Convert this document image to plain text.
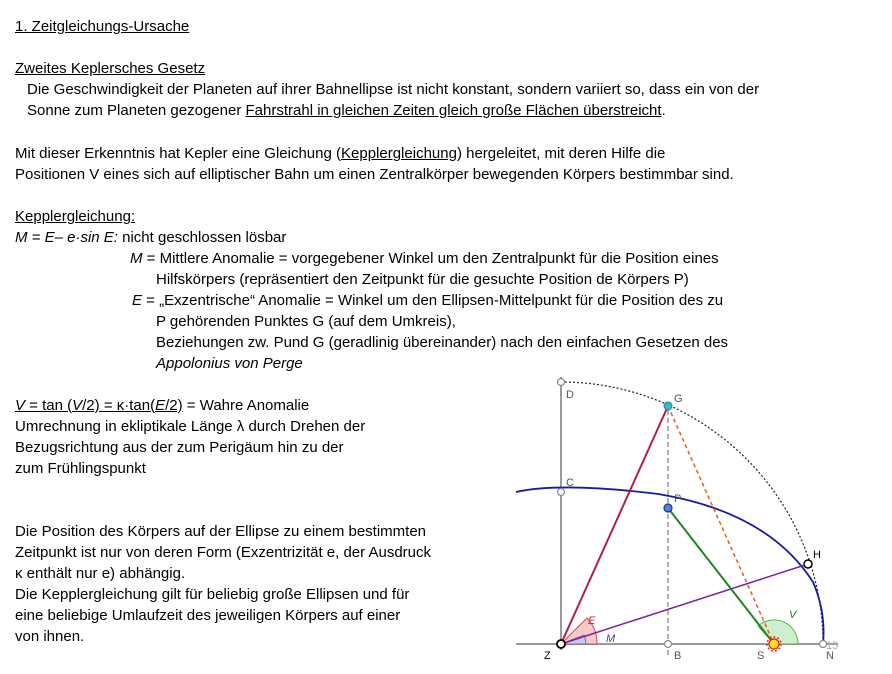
1. Zeitgleichungs-Ursache
Zweites Keplersches Gesetz
Die Geschwindigkeit der Planeten auf ihrer Bahnellipse ist nicht konstant, sondern variiert so, dass ein von der
Sonne zum Planeten gezogener Fahrstrahl in gleichen Zeiten gleich große Flächen überstreicht.
Mit dieser Erkenntnis hat Kepler eine Gleichung (Kepplergleichung) hergeleitet, mit deren Hilfe die
Positionen V eines sich auf elliptischer Bahn um einen Zentralkörper bewegenden Körpers bestimmbar sind.
Kepplergleichung:
M = E– e·sin E: nicht geschlossen lösbar
M = Mittlere Anomalie = vorgegebener Winkel um den Zentralpunkt für die Position eines
Hilfskörpers (repräsentiert den Zeitpunkt für die gesuchte Position de Körpers P)
E = „Exzentrische“ Anomalie = Winkel um den Ellipsen-Mittelpunkt für die Position des zu
P gehörenden Punktes G (auf dem Umkreis),
Beziehungen zw. Pund G (geradlinig übereinander) nach den einfachen Gesetzen des
Appolonius von Perge
V = tan (V/2) = κ·tan(E/2) = Wahre Anomalie
Umrechnung in ekliptikale Länge λ durch Drehen der
Bezugsrichtung aus der zum Perigäum hin zu der
zum Frühlingspunkt
Die Position des Körpers auf der Ellipse zu einem bestimmten
Zeitpunkt ist nur von deren Form (Exzentrizität e, der Ausdruck
κ enthält nur e) abhängig.
Die Kepplergleichung gilt für beliebig große Ellipsen und für
eine beliebige Umlaufzeit des jeweiligen Körpers auf einer
von ihnen.
D	G
C
P
H
Z	B	S	N
E
M
V
15
